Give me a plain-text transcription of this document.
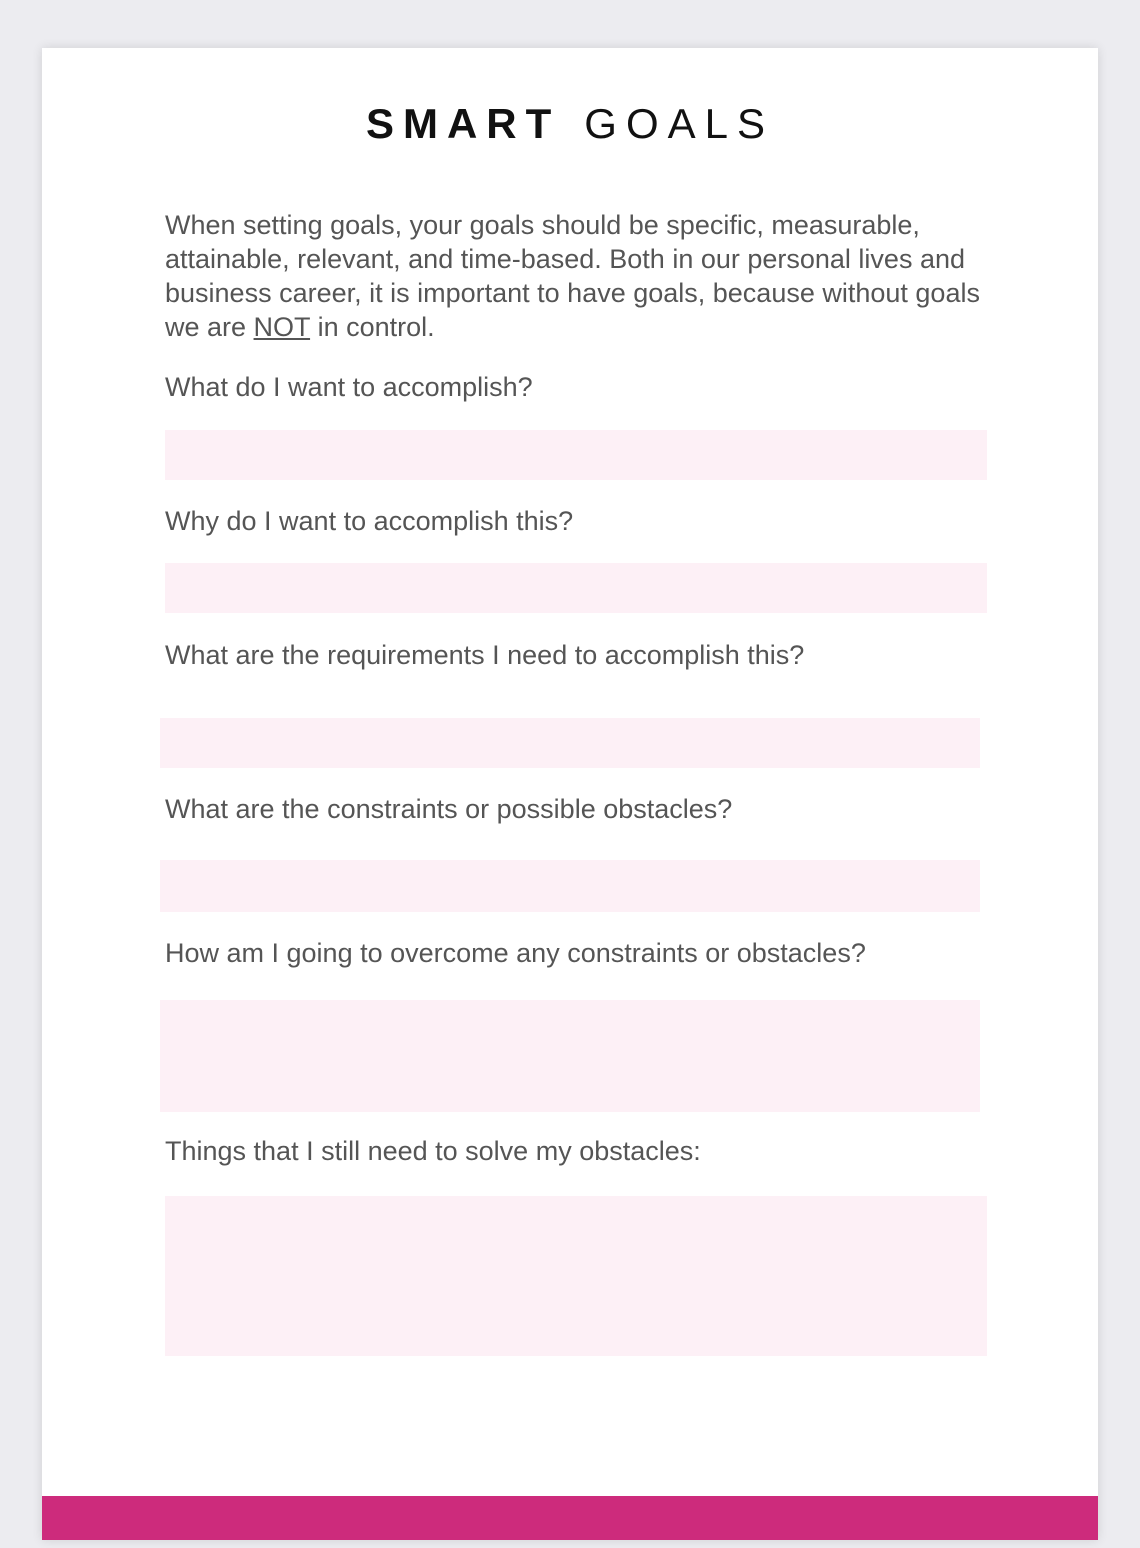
SMART GOALS
When setting goals, your goals should be specific, measurable, attainable, relevant, and time-based. Both in our personal lives and business career, it is important to have goals, because without goals we are NOT in control.
What do I want to accomplish?
Why do I want to accomplish this?
What are the requirements I need to accomplish this?
What are the constraints or possible obstacles?
How am I going to overcome any constraints or obstacles?
Things that I still need to solve my obstacles:
